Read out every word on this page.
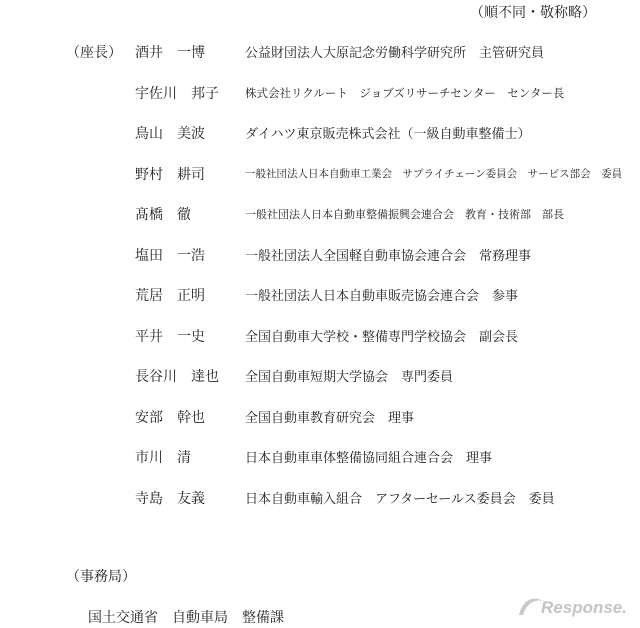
（順不同・敬称略）
（座長） 酒井　一博	公益財団法人大原記念労働科学研究所　主管研究員
宇佐川　邦子 株式会社リクルート　ジョブズリサーチセンター　センター長
鳥山　美波	ダイハツ東京販売株式会社（一級自動車整備士）
野村　耕司	一般社団法人日本自動車工業会　サプライチェーン委員会　サービス部会　委員
髙橋　徹	一般社団法人日本自動車整備振興会連合会　教育・技術部　部長
塩田　一浩	一般社団法人全国軽自動車協会連合会　常務理事
荒居　正明	一般社団法人日本自動車販売協会連合会　参事
平井　一史	全国自動車大学校・整備専門学校協会　副会長
長谷川　達也 全国自動車短期大学協会　専門委員
安部　幹也	全国自動車教育研究会　理事
市川　清	日本自動車車体整備協同組合連合会　理事
寺島　友義	日本自動車輸入組合　アフターセールス委員会　委員
（事務局）
国土交通省　自動車局　整備課
Response.
